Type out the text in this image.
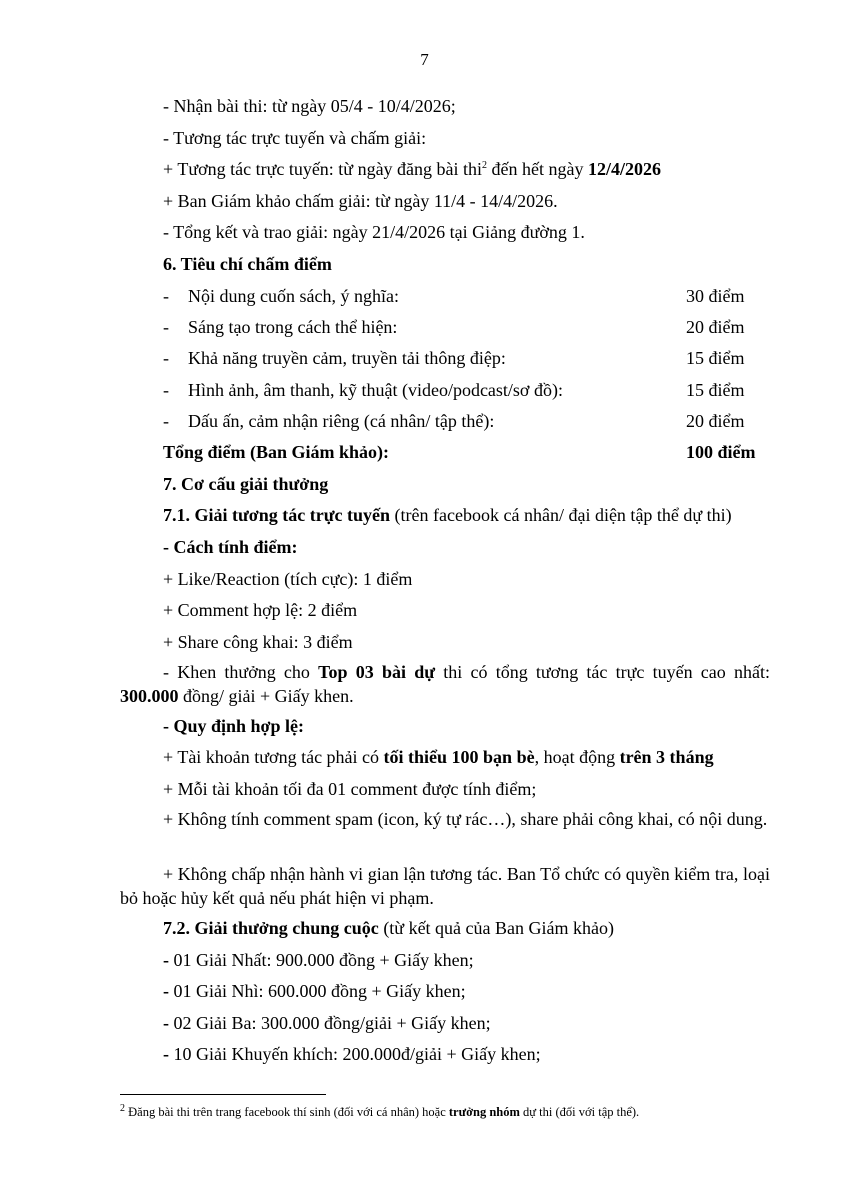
7
- Nhận bài thi: từ ngày 05/4 - 10/4/2026;
- Tương tác trực tuyến và chấm giải:
+ Tương tác trực tuyến: từ ngày đăng bài thi$^2$ đến hết ngày 12/4/2026
+ Ban Giám khảo chấm giải: từ ngày 11/4 - 14/4/2026.
- Tổng kết và trao giải: ngày 21/4/2026 tại Giảng đường 1.
6. Tiêu chí chấm điểm
- Nội dung cuốn sách, ý nghĩa:	30 điểm
- Sáng tạo trong cách thể hiện:	20 điểm
- Khả năng truyền cảm, truyền tải thông điệp:	15 điểm
- Hình ảnh, âm thanh, kỹ thuật (video/podcast/sơ đồ):	15 điểm
- Dấu ấn, cảm nhận riêng (cá nhân/ tập thể):	20 điểm
Tổng điểm (Ban Giám khảo):	100 điểm
7. Cơ cấu giải thưởng
7.1. Giải tương tác trực tuyến (trên facebook cá nhân/ đại diện tập thể dự thi)
- Cách tính điểm:
+ Like/Reaction (tích cực): 1 điểm
+ Comment hợp lệ: 2 điểm
+ Share công khai: 3 điểm
- Khen thưởng cho Top 03 bài dự thi có tổng tương tác trực tuyến cao nhất: 300.000 đồng/ giải + Giấy khen.
- Quy định hợp lệ:
+ Tài khoản tương tác phải có tối thiểu 100 bạn bè, hoạt động trên 3 tháng
+ Mỗi tài khoản tối đa 01 comment được tính điểm;
+ Không tính comment spam (icon, ký tự rác…), share phải công khai, có nội dung.
+ Không chấp nhận hành vi gian lận tương tác. Ban Tổ chức có quyền kiểm tra, loại bỏ hoặc hủy kết quả nếu phát hiện vi phạm.
7.2. Giải thưởng chung cuộc (từ kết quả của Ban Giám khảo)
- 01 Giải Nhất: 900.000 đồng + Giấy khen;
- 01 Giải Nhì: 600.000 đồng + Giấy khen;
- 02 Giải Ba: 300.000 đồng/giải + Giấy khen;
- 10 Giải Khuyến khích: 200.000đ/giải + Giấy khen;
$^2$ Đăng bài thi trên trang facebook thí sinh (đối với cá nhân) hoặc trưởng nhóm dự thi (đối với tập thể).
